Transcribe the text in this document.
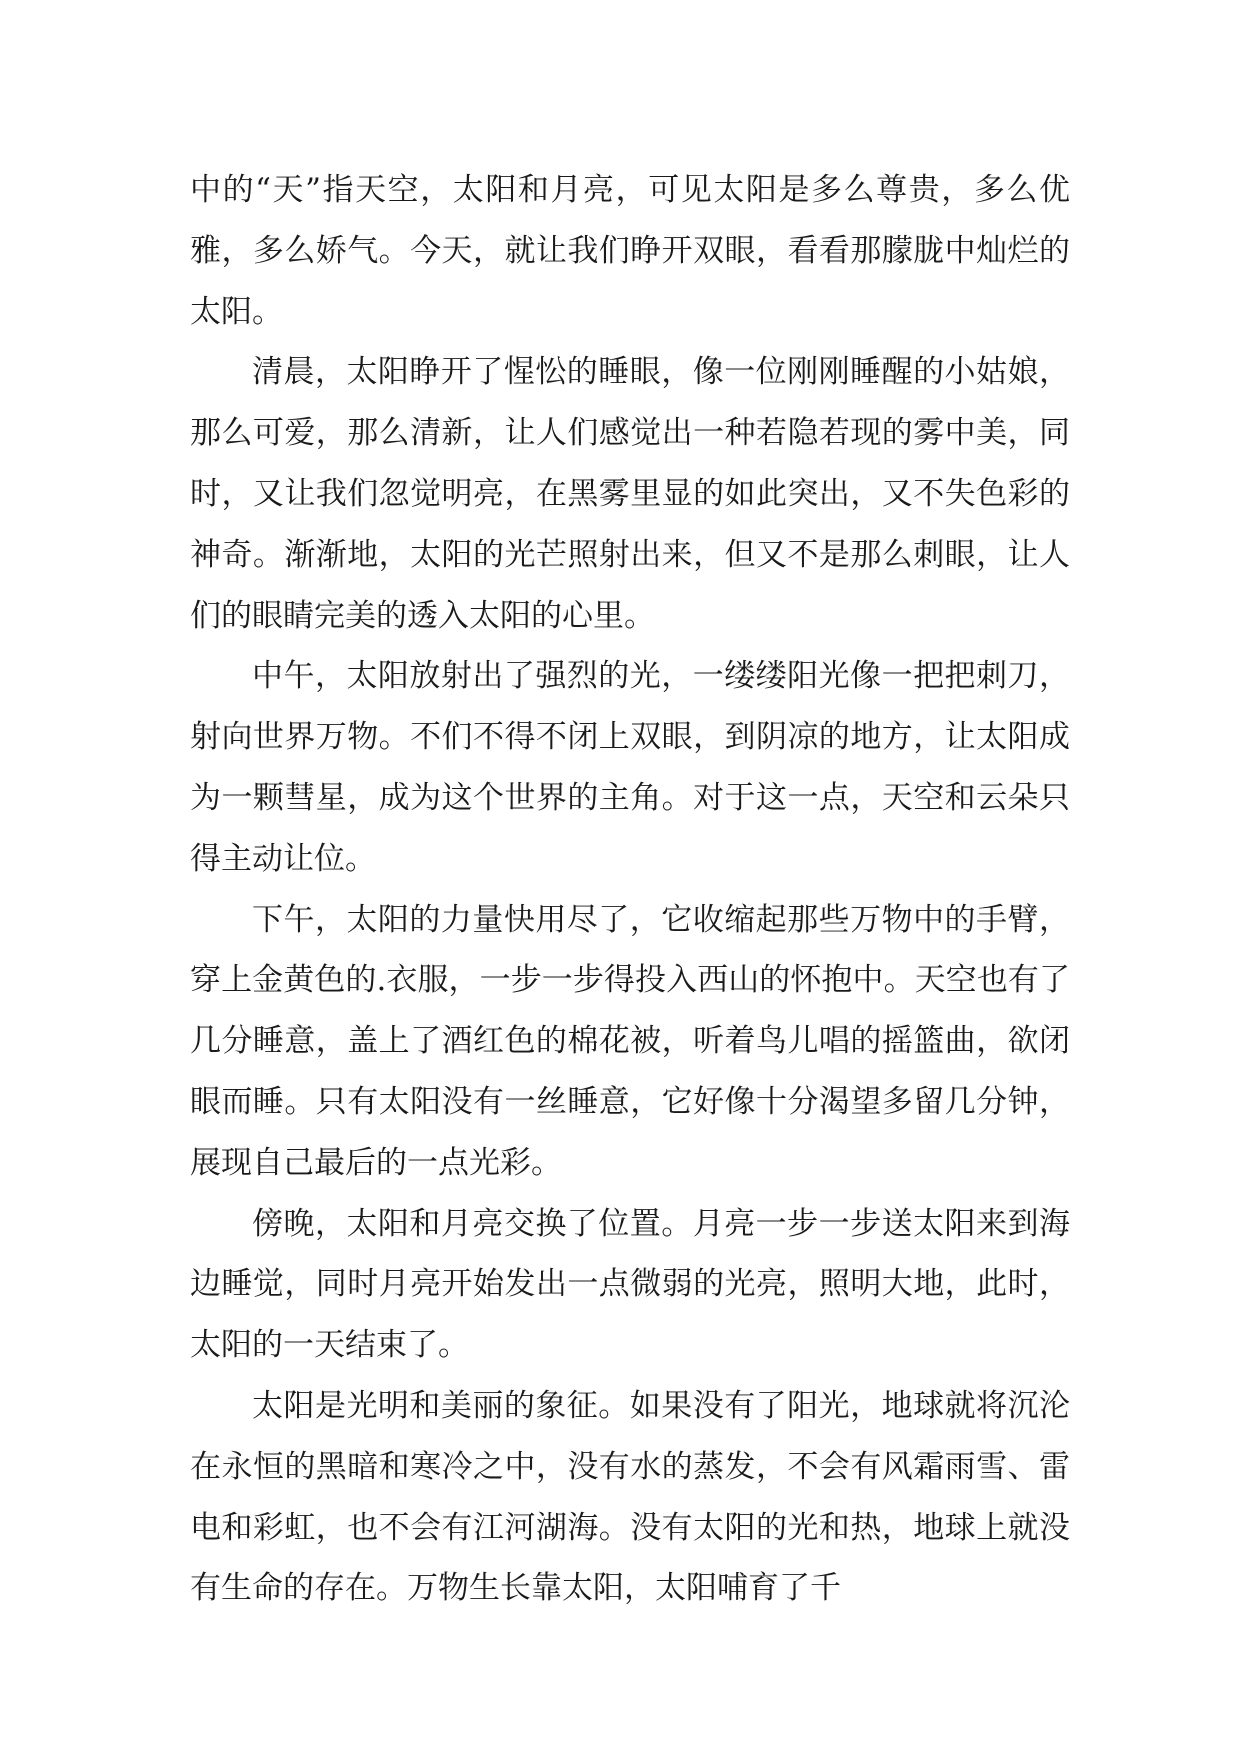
中的“天”指天空，太阳和月亮，可见太阳是多么尊贵，多么优雅，多么娇气。今天，就让我们睁开双眼，看看那朦胧中灿烂的太阳。

清晨，太阳睁开了惺忪的睡眼，像一位刚刚睡醒的小姑娘，那么可爱，那么清新，让人们感觉出一种若隐若现的雾中美，同时，又让我们忽觉明亮，在黑雾里显的如此突出，又不失色彩的神奇。渐渐地，太阳的光芒照射出来，但又不是那么刺眼，让人们的眼睛完美的透入太阳的心里。

中午，太阳放射出了强烈的光，一缕缕阳光像一把把刺刀，射向世界万物。不们不得不闭上双眼，到阴凉的地方，让太阳成为一颗彗星，成为这个世界的主角。对于这一点，天空和云朵只得主动让位。

下午，太阳的力量快用尽了，它收缩起那些万物中的手臂，穿上金黄色的.衣服，一步一步得投入西山的怀抱中。天空也有了几分睡意，盖上了酒红色的棉花被，听着鸟儿唱的摇篮曲，欲闭眼而睡。只有太阳没有一丝睡意，它好像十分渴望多留几分钟，展现自己最后的一点光彩。

傍晚，太阳和月亮交换了位置。月亮一步一步送太阳来到海边睡觉，同时月亮开始发出一点微弱的光亮，照明大地，此时，太阳的一天结束了。

太阳是光明和美丽的象征。如果没有了阳光，地球就将沉沦在永恒的黑暗和寒冷之中，没有水的蒸发，不会有风霜雨雪、雷电和彩虹，也不会有江河湖海。没有太阳的光和热，地球上就没有生命的存在。万物生长靠太阳，太阳哺育了千
